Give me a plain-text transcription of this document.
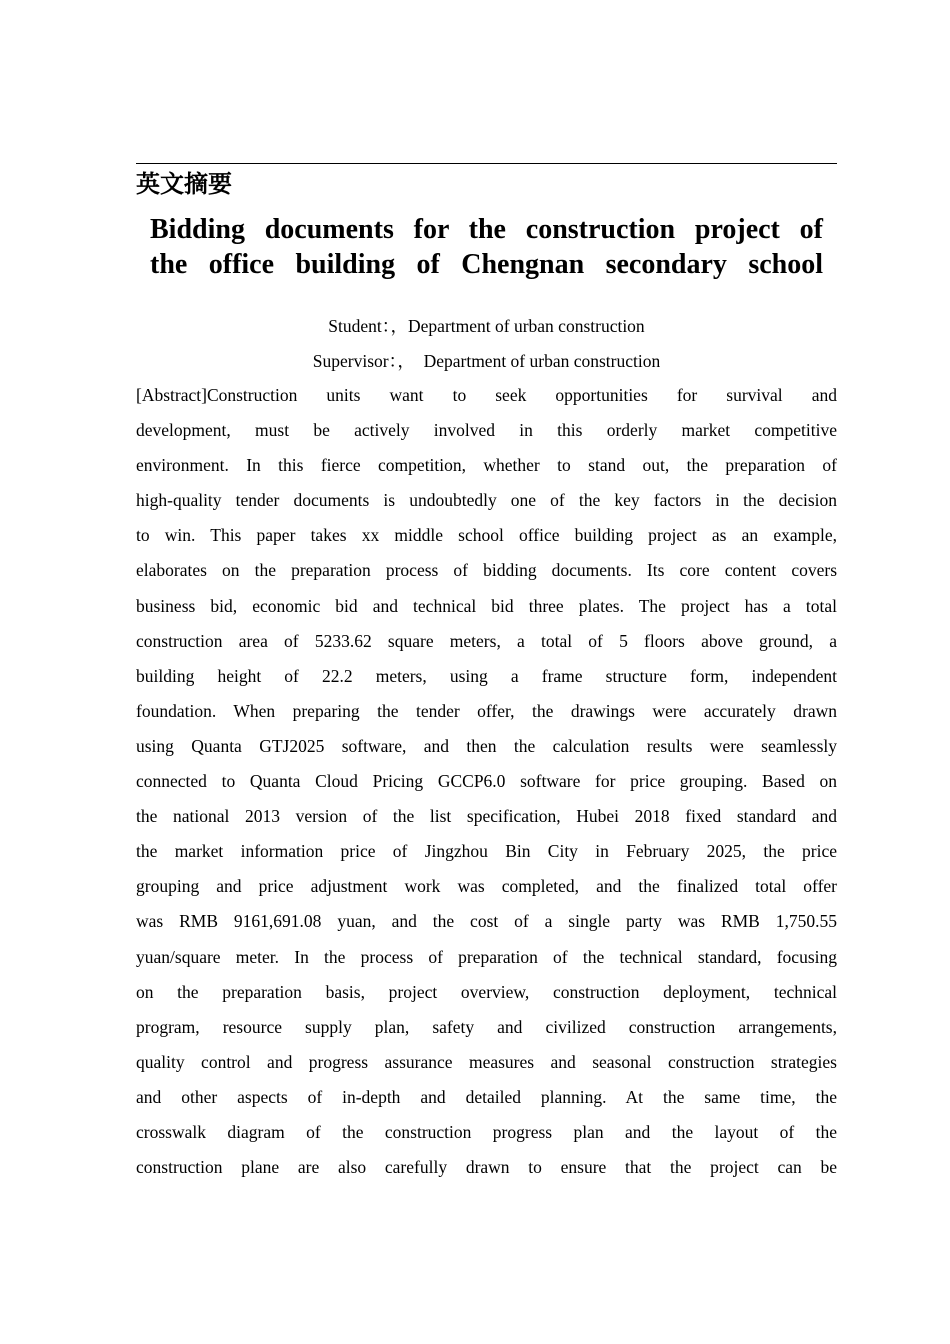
英文摘要
Bidding documents for the construction project of
the office building of Chengnan secondary school
Student：，Department of urban construction
Supervisor：，  Department of urban construction
[Abstract]Construction units want to seek opportunities for survival and
development, must be actively involved in this orderly market competitive
environment. In this fierce competition, whether to stand out, the preparation of
high-quality tender documents is undoubtedly one of the key factors in the decision
to win. This paper takes xx middle school office building project as an example,
elaborates on the preparation process of bidding documents. Its core content covers
business bid, economic bid and technical bid three plates. The project has a total
construction area of 5233.62 square meters, a total of 5 floors above ground, a
building height of 22.2 meters, using a frame structure form, independent
foundation. When preparing the tender offer, the drawings were accurately drawn
using Quanta GTJ2025 software, and then the calculation results were seamlessly
connected to Quanta Cloud Pricing GCCP6.0 software for price grouping. Based on
the national 2013 version of the list specification, Hubei 2018 fixed standard and
the market information price of Jingzhou Bin City in February 2025, the price
grouping and price adjustment work was completed, and the finalized total offer
was RMB 9161,691.08 yuan, and the cost of a single party was RMB 1,750.55
yuan/square meter. In the process of preparation of the technical standard, focusing
on the preparation basis, project overview, construction deployment, technical
program, resource supply plan, safety and civilized construction arrangements,
quality control and progress assurance measures and seasonal construction strategies
and other aspects of in-depth and detailed planning. At the same time, the
crosswalk diagram of the construction progress plan and the layout of the
construction plane are also carefully drawn to ensure that the project can be
